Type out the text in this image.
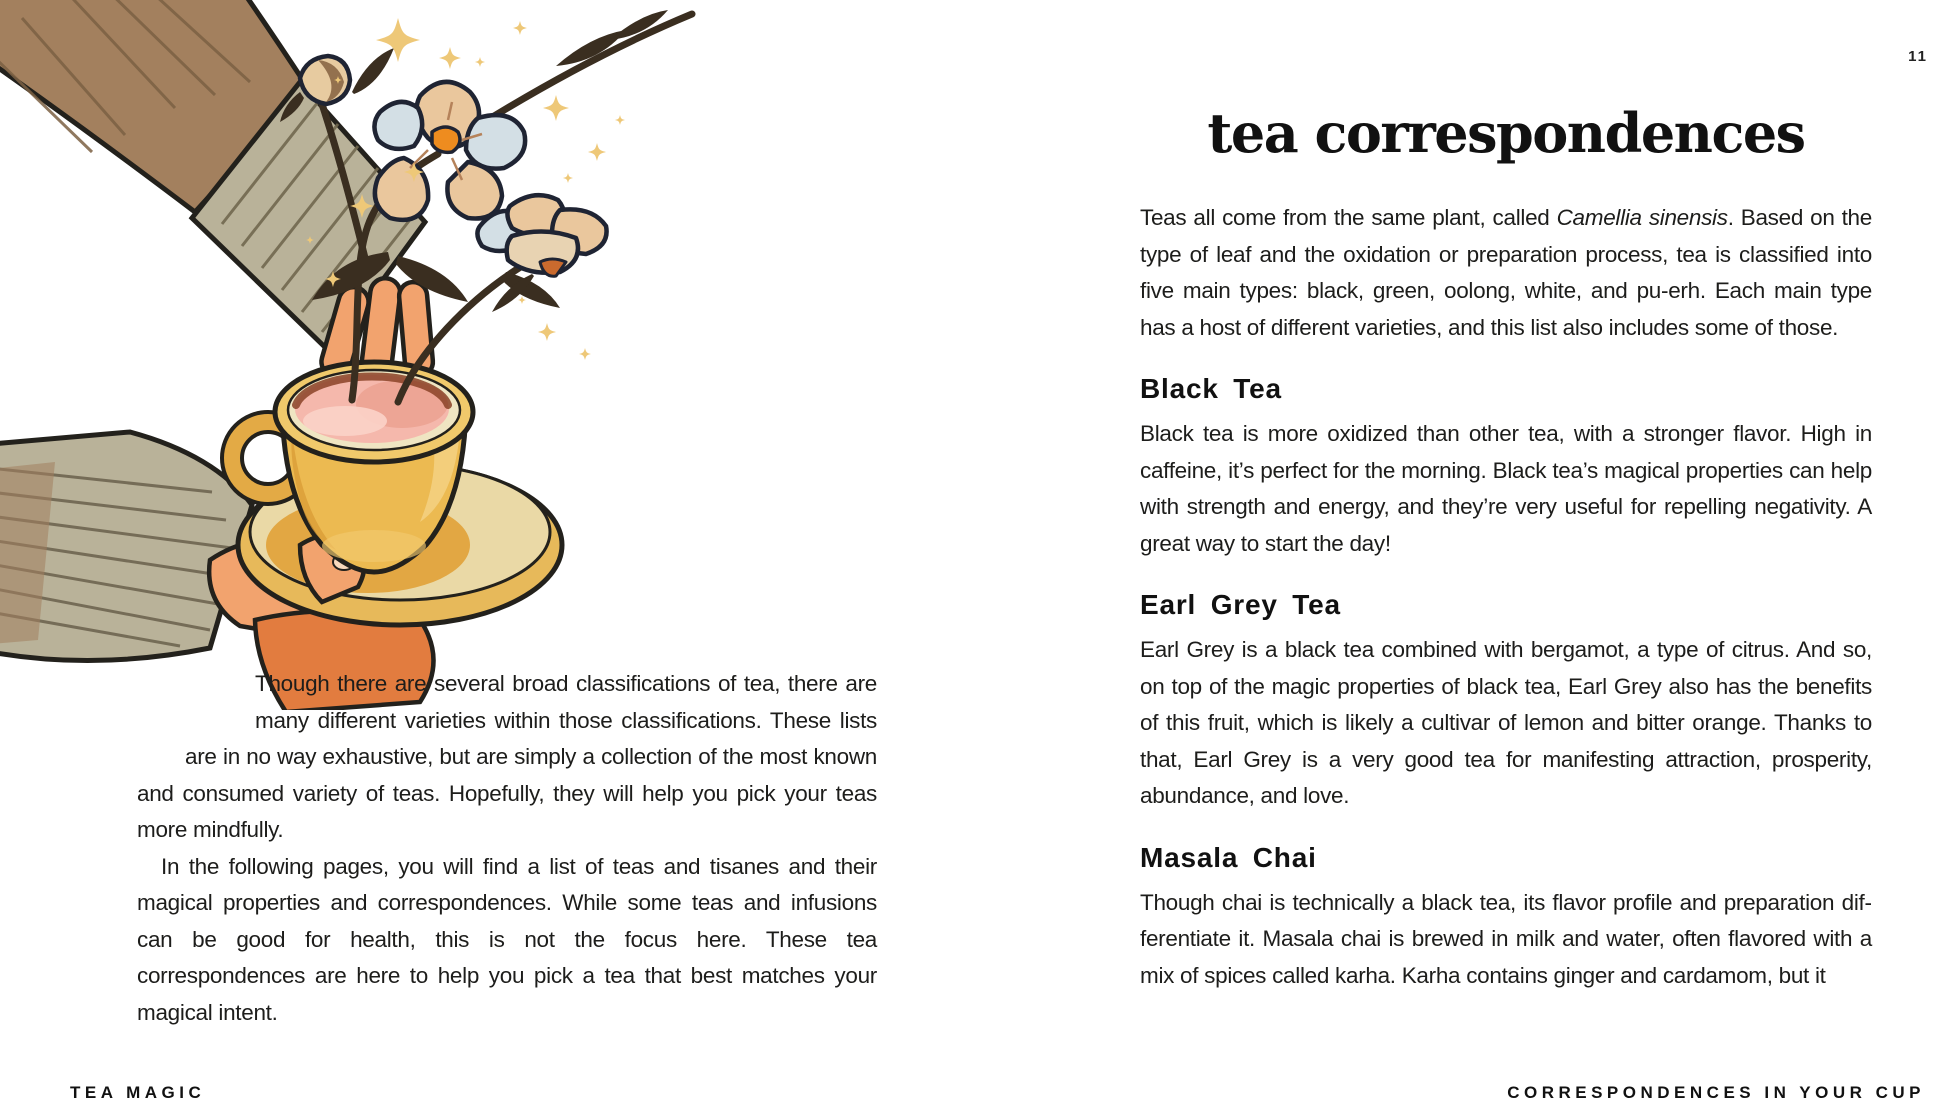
Though there are several broad classifications of tea, there are many different varieties within those classifications. These lists are in no way exhaustive, but are simply a collection of the most known and consumed variety of teas. Hopefully, they will help you pick your teas more mindfully.

In the following pages, you will find a list of teas and tisanes and their magical properties and correspondences. While some teas and infusions can be good for health, this is not the focus here. These tea correspondences are here to help you pick a tea that best matches your magical intent.

TEA MAGIC
11
tea correspondences

Teas all come from the same plant, called Camellia sinensis. Based on the type of leaf and the oxidation or preparation process, tea is classified into five main types: black, green, oolong, white, and pu-erh. Each main type has a host of different varieties, and this list also includes some of those.

Black Tea

Black tea is more oxidized than other tea, with a stronger flavor. High in caffeine, it’s perfect for the morning. Black tea’s magical properties can help with strength and energy, and they’re very useful for repelling negativity. A great way to start the day!

Earl Grey Tea

Earl Grey is a black tea combined with bergamot, a type of citrus. And so, on top of the magic properties of black tea, Earl Grey also has the benefits of this fruit, which is likely a cultivar of lemon and bitter orange. Thanks to that, Earl Grey is a very good tea for manifesting attraction, prosperity, abundance, and love.

Masala Chai

Though chai is technically a black tea, its flavor profile and preparation differentiate it. Masala chai is brewed in milk and water, often flavored with a mix of spices called karha. Karha contains ginger and cardamom, but it

CORRESPONDENCES IN YOUR CUP
